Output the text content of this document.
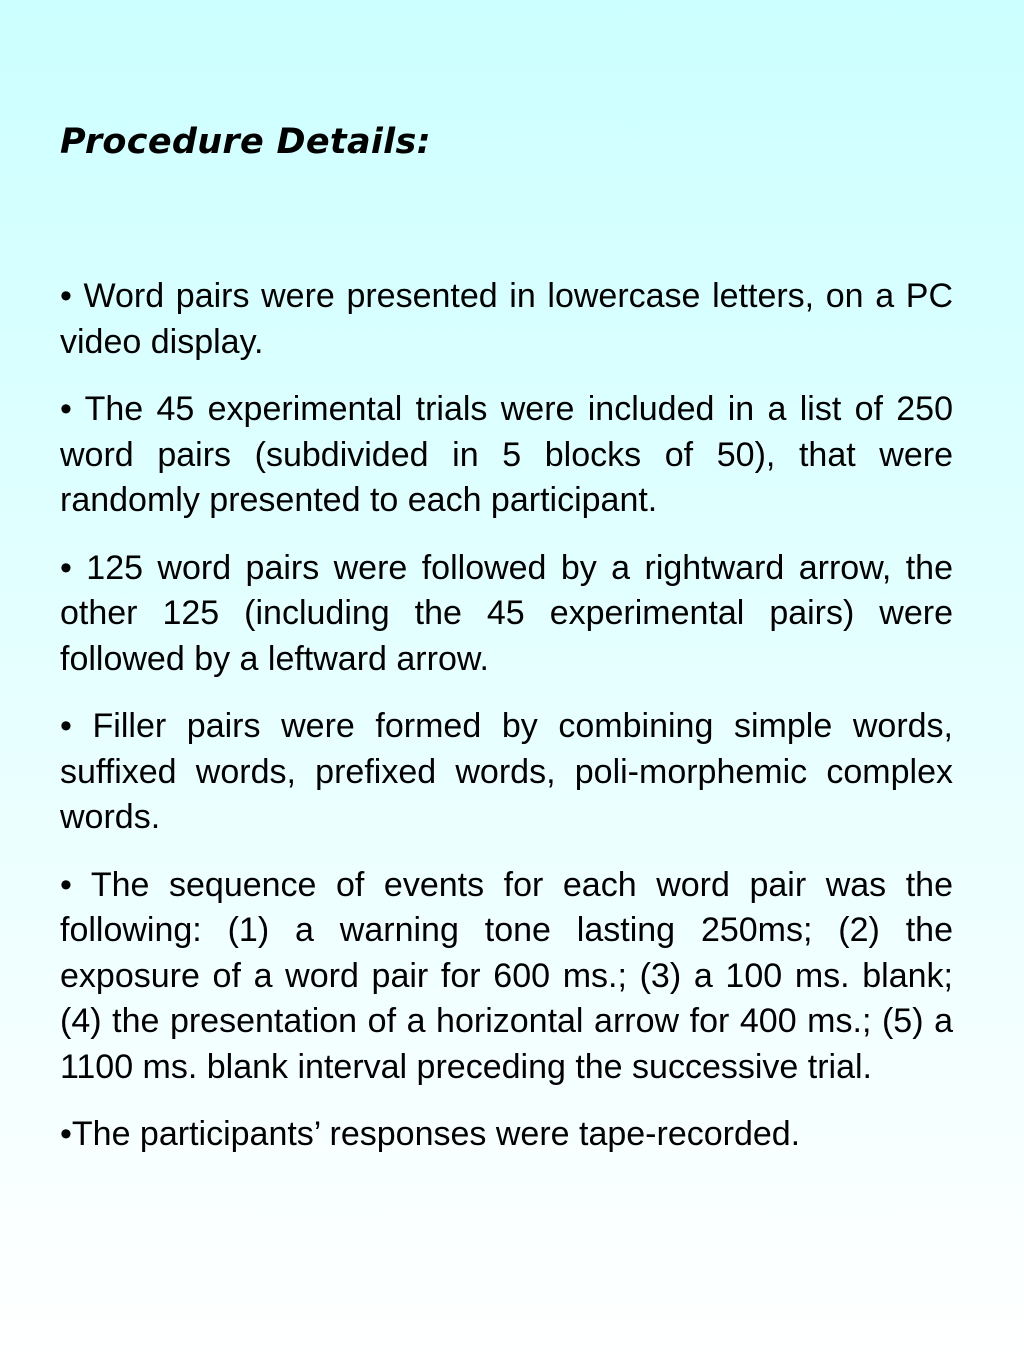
Procedure Details:
• Word pairs were presented in lowercase letters, on a PC video display.
• The 45 experimental trials were included in a list of 250 word pairs (subdivided in 5 blocks of 50), that were randomly presented to each participant.
• 125 word pairs were followed by a rightward arrow, the other 125 (including the 45 experimental pairs) were followed by a leftward arrow.
• Filler pairs were formed by combining simple words, suffixed words, prefixed words, poli-morphemic complex words.
• The sequence of events for each word pair was the following: (1) a warning tone lasting 250ms; (2) the exposure of a word pair for 600 ms.; (3) a 100 ms. blank; (4) the presentation of a horizontal arrow for 400 ms.; (5) a 1100 ms. blank interval preceding the successive trial.
•The participants’ responses were tape-recorded.
